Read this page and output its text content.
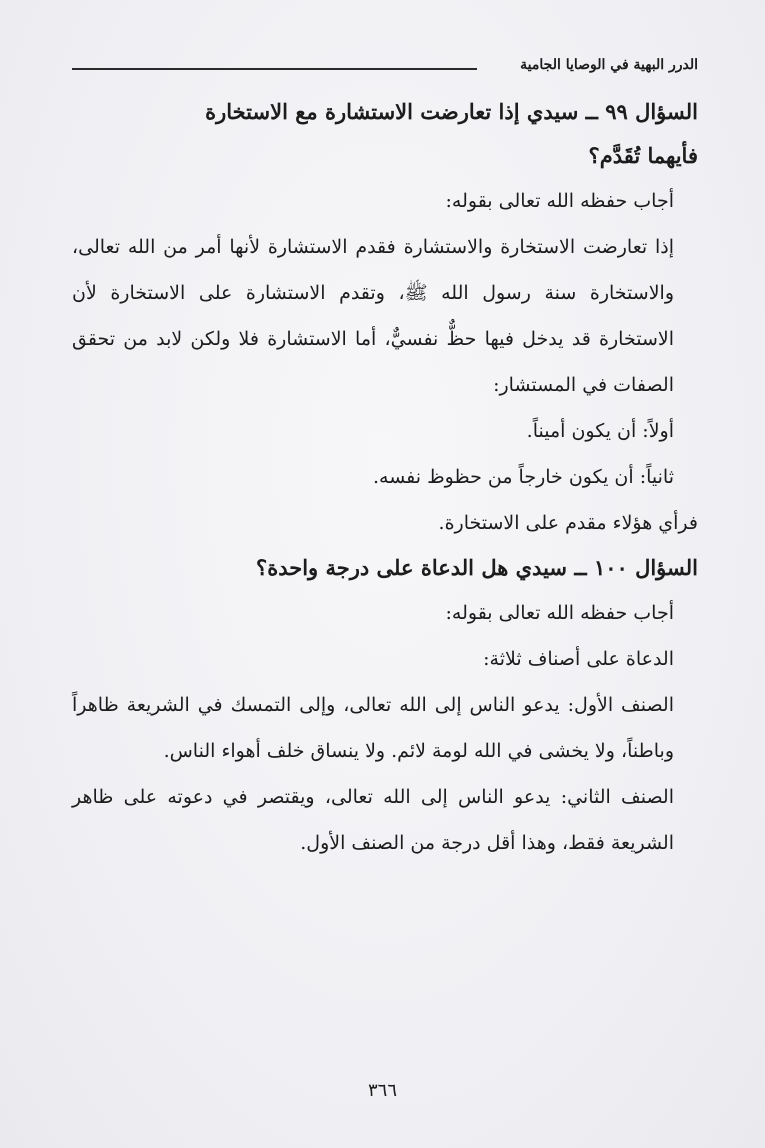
الدرر البهية في الوصايا الجامية

السؤال ٩٩ ــ سيدي إذا تعارضت الاستشارة مع الاستخارة

فأيهما تُقَدَّم؟

أجاب حفظه الله تعالى بقوله:

إذا تعارضت الاستخارة والاستشارة فقدم الاستشارة لأنها أمر من الله تعالى، والاستخارة سنة رسول الله ﷺ، وتقدم الاستشارة على الاستخارة لأن الاستخارة قد يدخل فيها حظٌّ نفسيٌّ، أما الاستشارة فلا ولكن لابد من تحقق الصفات في المستشار:

أولاً: أن يكون أميناً.

ثانياً: أن يكون خارجاً من حظوظ نفسه.

فرأي هؤلاء مقدم على الاستخارة.

السؤال ١٠٠ ــ سيدي هل الدعاة على درجة واحدة؟

أجاب حفظه الله تعالى بقوله:

الدعاة على أصناف ثلاثة:

الصنف الأول: يدعو الناس إلى الله تعالى، وإلى التمسك في الشريعة ظاهراً وباطناً، ولا يخشى في الله لومة لائم. ولا ينساق خلف أهواء الناس.

الصنف الثاني: يدعو الناس إلى الله تعالى، ويقتصر في دعوته على ظاهر الشريعة فقط، وهذا أقل درجة من الصنف الأول.

٣٦٦
